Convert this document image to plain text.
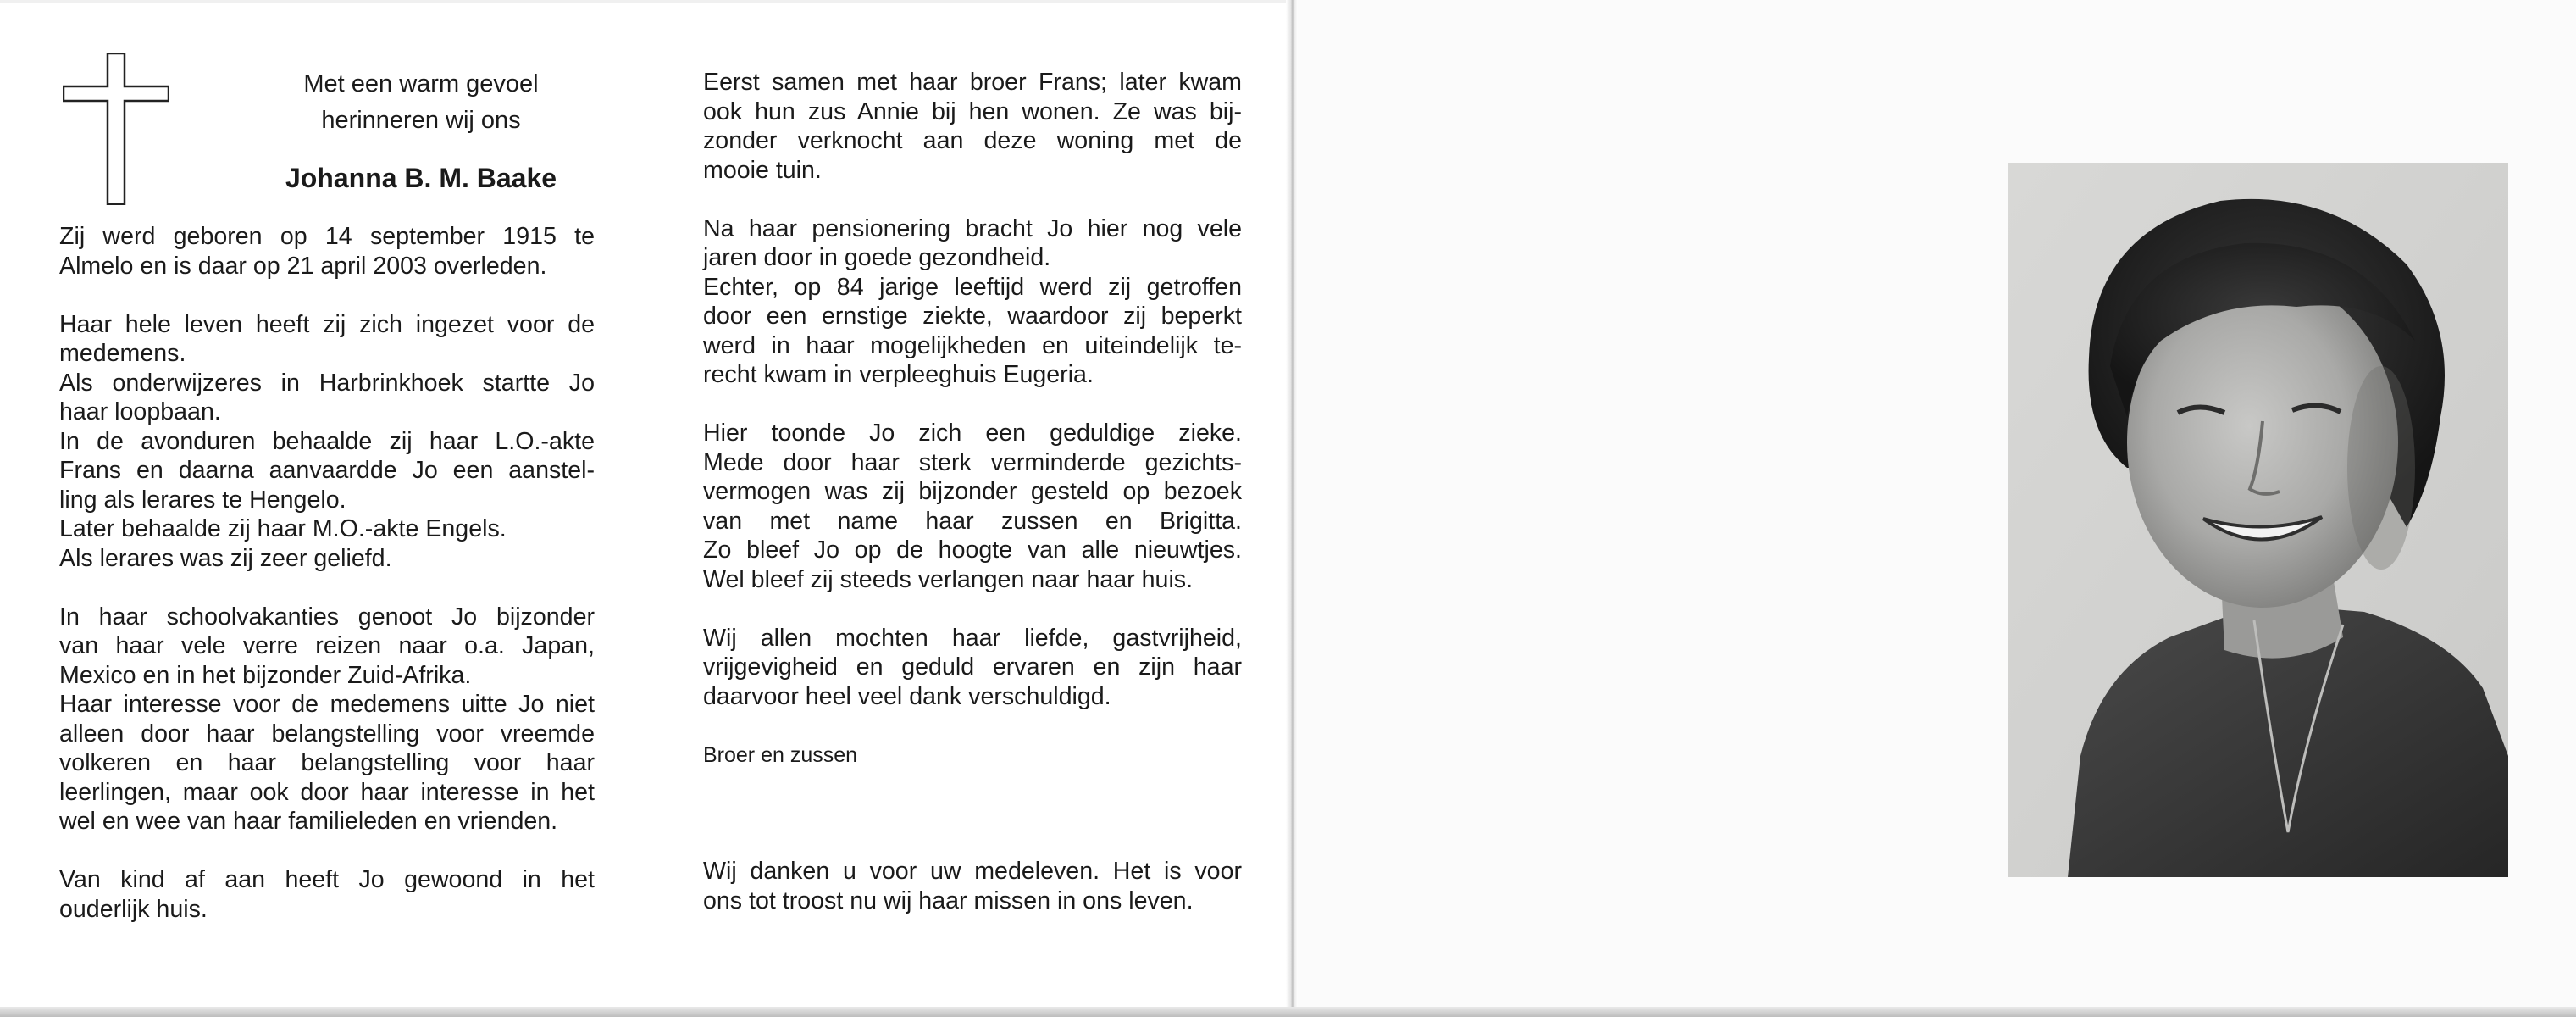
Met een warm gevoel
herinneren wij ons
Johanna B. M. Baake
Zij werd geboren op 14 september 1915 te
Almelo en is daar op 21 april 2003 overleden.
Haar hele leven heeft zij zich ingezet voor de
medemens.
Als onderwijzeres in Harbrinkhoek startte Jo
haar loopbaan.
In de avonduren behaalde zij haar L.O.-akte
Frans en daarna aanvaardde Jo een aanstel-
ling als lerares te Hengelo.
Later behaalde zij haar M.O.-akte Engels.
Als lerares was zij zeer geliefd.
In haar schoolvakanties genoot Jo bijzonder
van haar vele verre reizen naar o.a. Japan,
Mexico en in het bijzonder Zuid-Afrika.
Haar interesse voor de medemens uitte Jo niet
alleen door haar belangstelling voor vreemde
volkeren en haar belangstelling voor haar
leerlingen, maar ook door haar interesse in het
wel en wee van haar familieleden en vrienden.
Van kind af aan heeft Jo gewoond in het
ouderlijk huis.
Eerst samen met haar broer Frans; later kwam
ook hun zus Annie bij hen wonen. Ze was bij-
zonder verknocht aan deze woning met de
mooie tuin.
Na haar pensionering bracht Jo hier nog vele
jaren door in goede gezondheid.
Echter, op 84 jarige leeftijd werd zij getroffen
door een ernstige ziekte, waardoor zij beperkt
werd in haar mogelijkheden en uiteindelijk te-
recht kwam in verpleeghuis Eugeria.
Hier toonde Jo zich een geduldige zieke.
Mede door haar sterk verminderde gezichts-
vermogen was zij bijzonder gesteld op bezoek
van met name haar zussen en Brigitta.
Zo bleef Jo op de hoogte van alle nieuwtjes.
Wel bleef zij steeds verlangen naar haar huis.
Wij allen mochten haar liefde, gastvrijheid,
vrijgevigheid en geduld ervaren en zijn haar
daarvoor heel veel dank verschuldigd.
Broer en zussen
Wij danken u voor uw medeleven. Het is voor
ons tot troost nu wij haar missen in ons leven.
